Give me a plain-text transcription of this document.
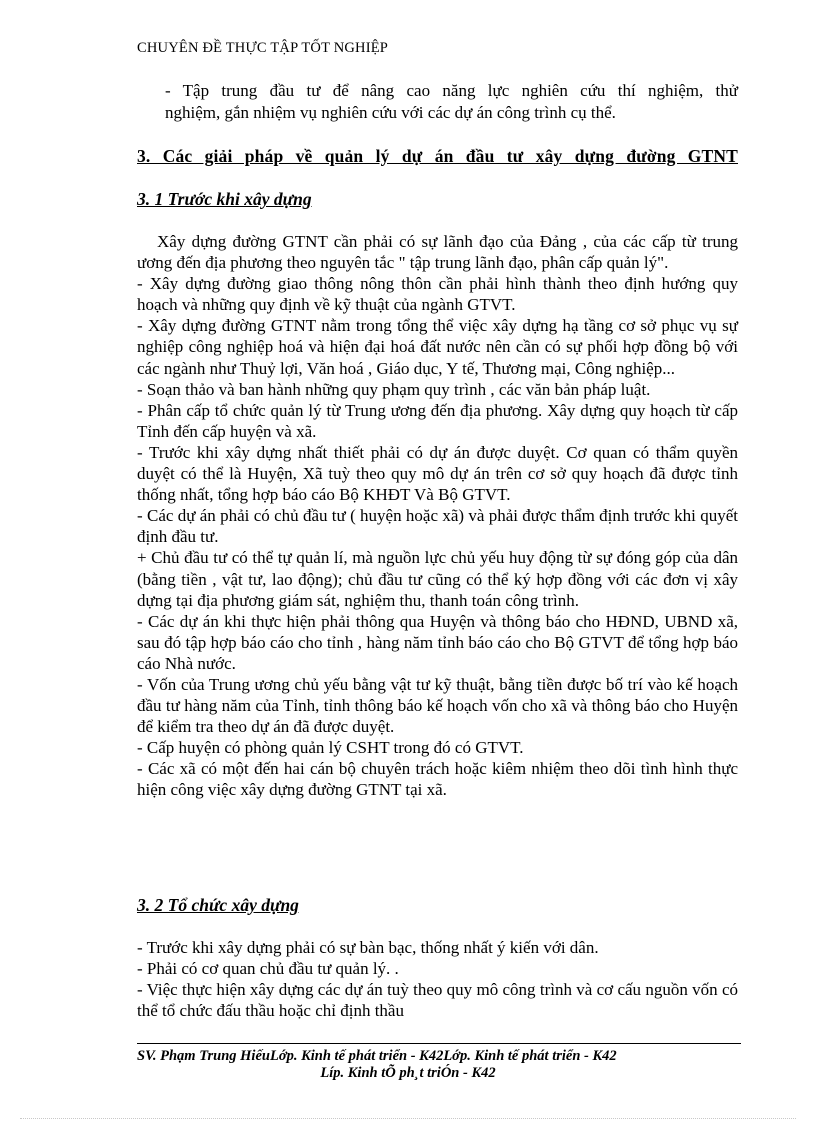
CHUYÊN ĐỀ THỰC TẬP TỐT NGHIỆP
- Tập trung đầu tư để nâng cao năng lực nghiên cứu thí nghiệm, thử
nghiệm, gắn nhiệm vụ nghiên cứu với các dự án công trình cụ thể.
3. Các giải pháp về quản lý dự án đầu tư xây dựng đường GTNT
3. 1 Trước khi xây dựng

Xây dựng đường GTNT cần phải có sự lãnh đạo của Đảng , của các cấp từ trung ương đến địa phương theo nguyên tắc " tập trung lãnh đạo, phân cấp quản lý".

- Xây dựng đường giao thông nông thôn cần phải hình thành theo định hướng quy hoạch và những quy định về kỹ thuật của ngành GTVT.

- Xây dựng đường GTNT nằm trong tổng thể việc xây dựng hạ tầng cơ sở phục vụ sự nghiệp công nghiệp hoá và hiện đại hoá đất nước nên cần có sự phối hợp đồng bộ với các ngành như Thuỷ lợi, Văn hoá , Giáo dục, Y tế, Thương mại, Công nghiệp...

- Soạn thảo và ban hành những quy phạm quy trình , các văn bản pháp luật.

- Phân cấp tổ chức quản lý từ Trung ương đến địa phương. Xây dựng quy hoạch từ cấp Tỉnh đến cấp huyện và xã.

- Trước khi xây dựng nhất thiết phải có dự án được duyệt. Cơ quan có thẩm quyền duyệt có thể là Huyện, Xã tuỳ theo quy mô dự án trên cơ sở quy hoạch đã được tỉnh thống nhất, tổng hợp báo cáo Bộ KHĐT Và Bộ GTVT.

- Các dự án phải có chủ đầu tư ( huyện hoặc xã) và phải được thẩm định trước khi quyết định đầu tư.

+ Chủ đầu tư có thể tự quản lí, mà nguồn lực chủ yếu huy động từ sự đóng góp của dân (bằng tiền , vật tư, lao động); chủ đầu tư cũng có thể ký hợp đồng với các đơn vị xây dựng tại địa phương giám sát, nghiệm thu, thanh toán công trình.

- Các dự án khi thực hiện phải thông qua Huyện và thông báo cho HĐND, UBND xã, sau đó tập hợp báo cáo cho tỉnh , hàng năm tỉnh báo cáo cho Bộ GTVT để tổng hợp báo cáo Nhà nước.

- Vốn của Trung ương chủ yếu bằng vật tư kỹ thuật, bằng tiền được bố trí vào kế hoạch đầu tư hàng năm của Tỉnh, tỉnh thông báo kế hoạch vốn cho xã và thông báo cho Huyện để kiểm tra theo dự án đã được duyệt.

- Cấp huyện có phòng quản lý CSHT trong đó có GTVT.

- Các xã có một đến hai cán bộ chuyên trách hoặc kiêm nhiệm theo dõi tình hình thực hiện công việc xây dựng đường GTNT tại xã.

3. 2 Tổ chức xây dựng

- Trước khi xây dựng phải có sự bàn bạc, thống nhất ý kiến với dân.

- Phải có cơ quan chủ đầu tư quản lý. .

- Việc thực hiện xây dựng các dự án tuỳ theo quy mô công trình và cơ cấu nguồn vốn có thể tổ chức đấu thầu hoặc chỉ định thầu

SV. Phạm Trung HiếuLớp. Kinh tế phát triển - K42Lớp. Kinh tế phát triển - K42
Líp. Kinh tÕ ph¸t triÓn - K42
